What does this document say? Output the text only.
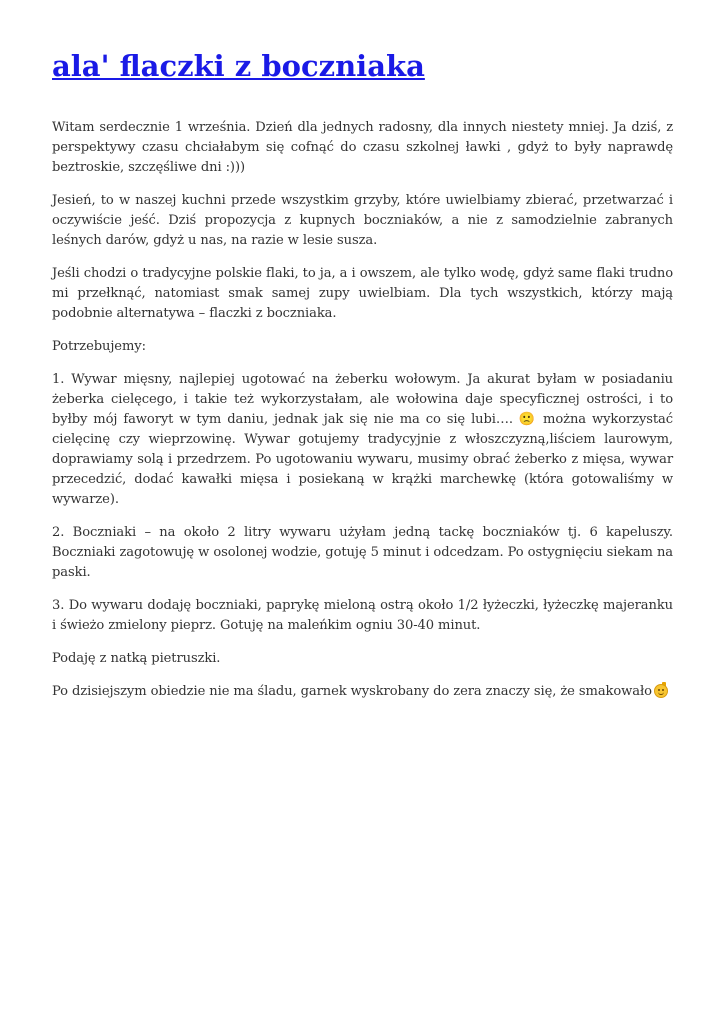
ala' flaczki z boczniaka

Witam serdecznie 1 września. Dzień dla jednych radosny, dla innych niestety mniej. Ja dziś, z perspektywy czasu chciałabym się cofnąć do czasu szkolnej ławki , gdyż to były naprawdę beztroskie, szczęśliwe dni :)))

Jesień, to w naszej kuchni przede wszystkim grzyby, które uwielbiamy zbierać, przetwarzać i oczywiście jeść. Dziś propozycja z kupnych boczniaków, a nie z samodzielnie zabranych leśnych darów, gdyż u nas, na razie w lesie susza.

Jeśli chodzi o tradycyjne polskie flaki, to ja, a i owszem, ale tylko wodę, gdyż same flaki trudno mi przełknąć, natomiast smak samej zupy uwielbiam. Dla tych wszystkich, którzy mają podobnie alternatywa – flaczki z boczniaka.

Potrzebujemy:

1. Wywar mięsny, najlepiej ugotować na żeberku wołowym. Ja akurat byłam w posiadaniu żeberka cielęcego, i takie też wykorzystałam, ale wołowina daje specyficznej ostrości, i to byłby mój faworyt w tym daniu, jednak jak się nie ma co się lubi…. 🙁 można wykorzystać cielęcinę czy wieprzowinę. Wywar gotujemy tradycyjnie z włoszczyzną,liściem laurowym, doprawiamy solą i przedrzem. Po ugotowaniu wywaru, musimy obrać żeberko z mięsa, wywar przecedzić, dodać kawałki mięsa i posiekaną w krążki marchewkę (która gotowaliśmy w wywarze).

2. Boczniaki – na około 2 litry wywaru użyłam jedną tackę boczniaków tj. 6 kapeluszy. Boczniaki zagotowuję w osolonej wodzie, gotuję 5 minut i odcedzam. Po ostygnięciu siekam na paski.

3. Do wywaru dodaję boczniaki, paprykę mieloną ostrą około 1/2 łyżeczki, łyżeczkę majeranku i świeżo zmielony pieprz. Gotuję na maleńkim ogniu 30-40 minut.

Podaję z natką pietruszki.

Po dzisiejszym obiedzie nie ma śladu, garnek wyskrobany do zera znaczy się, że smakowało
